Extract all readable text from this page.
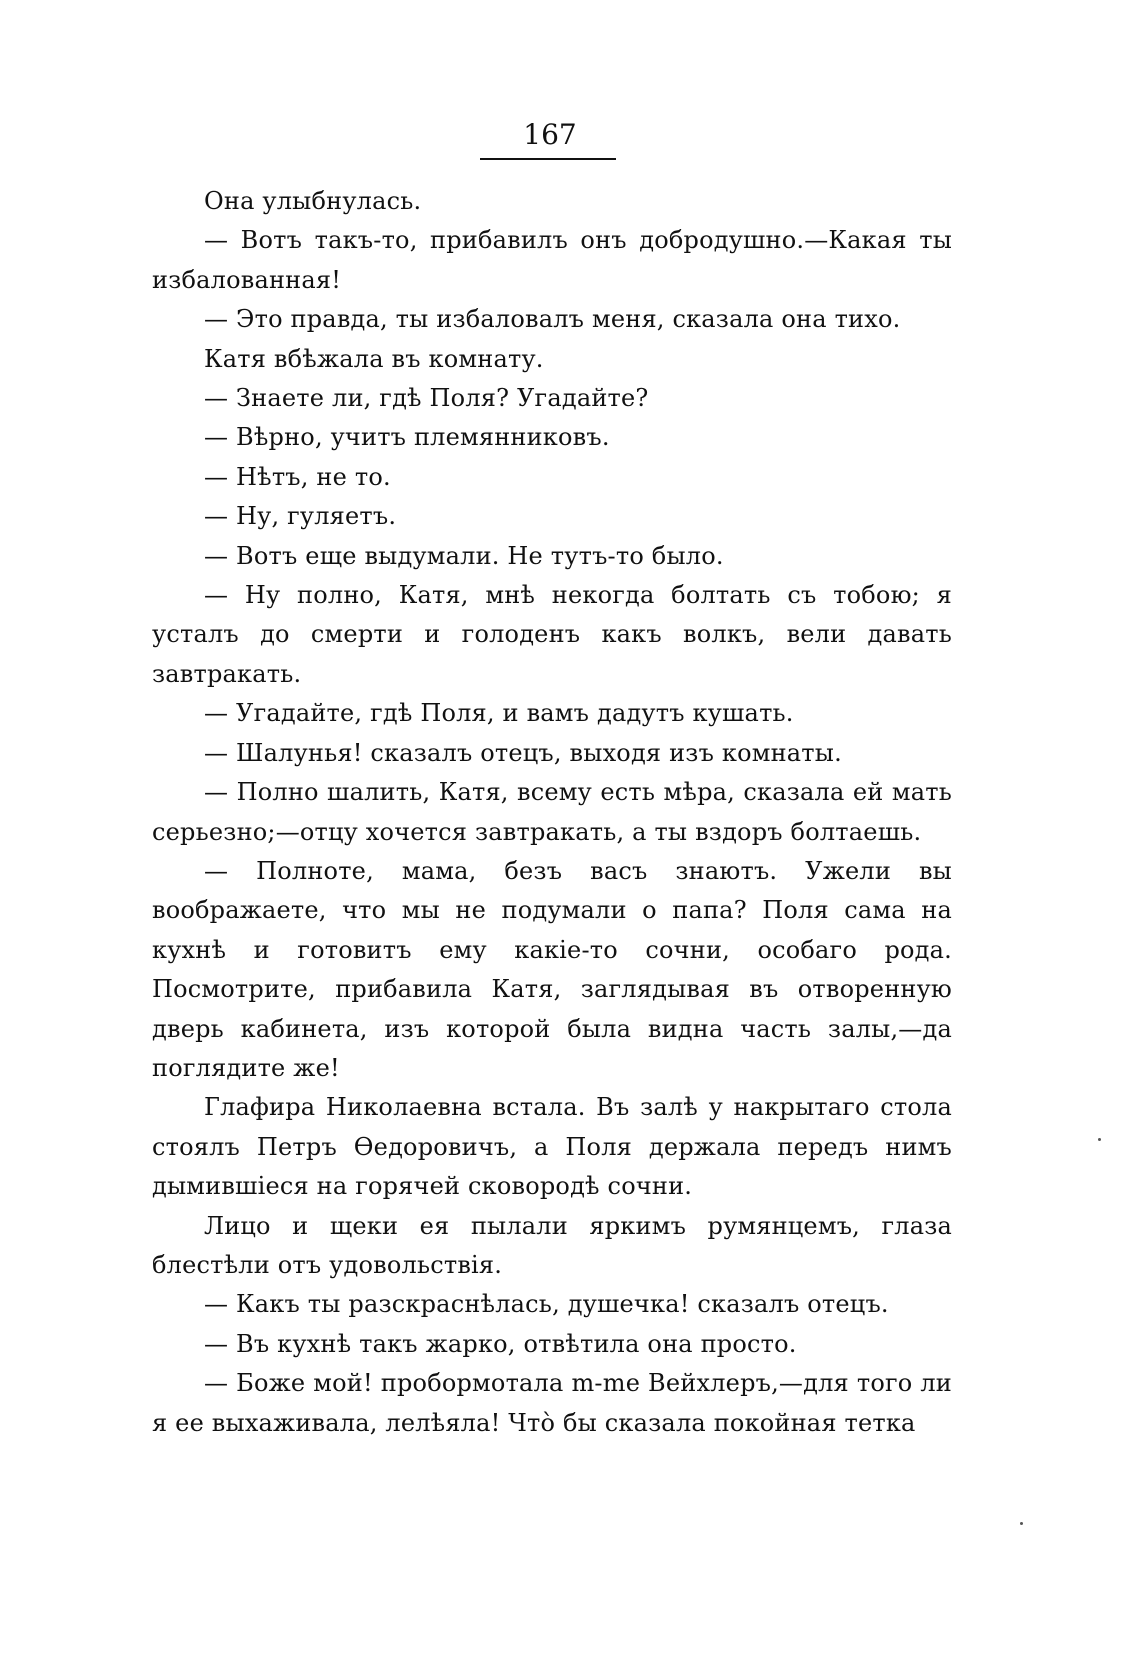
167

Она улыбнулась.

— Вотъ такъ-то, прибавилъ онъ добродушно.—Какая ты избалованная!

— Это правда, ты избаловалъ меня, сказала она тихо.

Катя вбѣжала въ комнату.

— Знаете ли, гдѣ Поля? Угадайте?

— Вѣрно, учитъ племянниковъ.

— Нѣтъ, не то.

— Ну, гуляетъ.

— Вотъ еще выдумали. Не тутъ-то было.

— Ну полно, Катя, мнѣ некогда болтать съ тобою; я усталъ до смерти и голоденъ какъ волкъ, вели давать завтракать.

— Угадайте, гдѣ Поля, и вамъ дадутъ кушать.

— Шалунья! сказалъ отецъ, выходя изъ комнаты.

— Полно шалить, Катя, всему есть мѣра, сказала ей мать серьезно;—отцу хочется завтракать, а ты вздоръ болтаешь.

— Полноте, мама, безъ васъ знаютъ. Ужели вы воображаете, что мы не подумали о папа? Поля сама на кухнѣ и готовитъ ему какіе-то сочни, особаго рода. Посмотрите, прибавила Катя, заглядывая въ отворенную дверь кабинета, изъ которой была видна часть залы,—да поглядите же!

Глафира Николаевна встала. Въ залѣ у накрытаго стола стоялъ Петръ Өедоровичъ, а Поля держала передъ нимъ дымившіеся на горячей сковородѣ сочни.

Лицо и щеки ея пылали яркимъ румянцемъ, глаза блестѣли отъ удовольствія.

— Какъ ты разскраснѣлась, душечка! сказалъ отецъ.

— Въ кухнѣ такъ жарко, отвѣтила она просто.

— Боже мой! пробормотала m-me Вейхлеръ,—для того ли я ее выхаживала, лелѣяла! Чтò бы сказала покойная тетка
